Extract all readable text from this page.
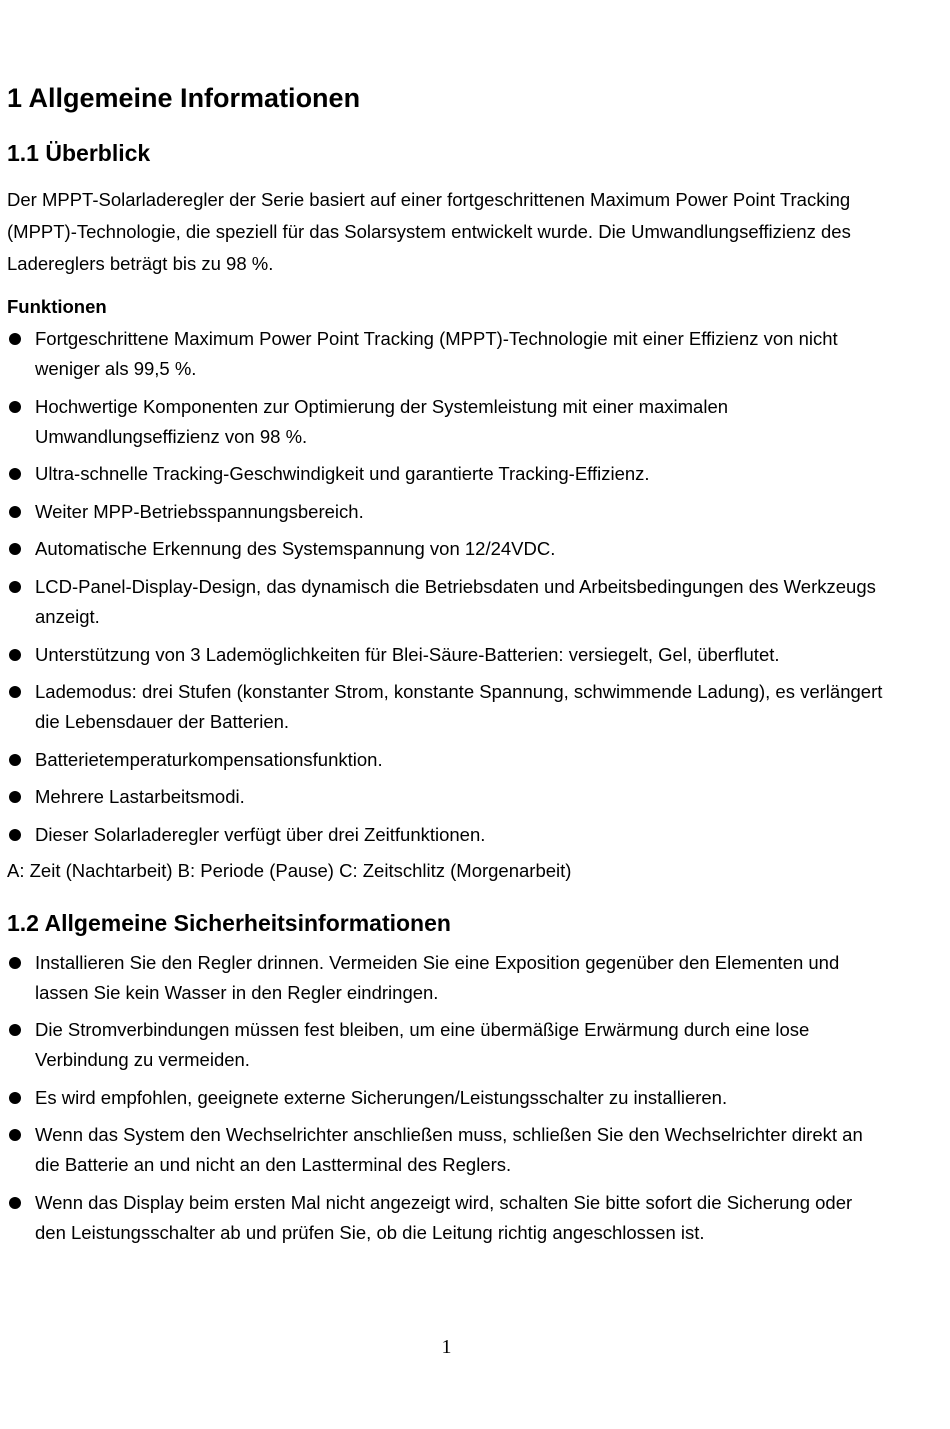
1 Allgemeine Informationen
1.1 Überblick

Der MPPT-Solarladeregler der Serie basiert auf einer fortgeschrittenen Maximum Power Point Tracking (MPPT)-Technologie, die speziell für das Solarsystem entwickelt wurde. Die Umwandlungseffizienz des Ladereglers beträgt bis zu 98 %.

Funktionen
Fortgeschrittene Maximum Power Point Tracking (MPPT)-Technologie mit einer Effizienz von nicht weniger als 99,5 %.
Hochwertige Komponenten zur Optimierung der Systemleistung mit einer maximalen Umwandlungseffizienz von 98 %.
Ultra-schnelle Tracking-Geschwindigkeit und garantierte Tracking-Effizienz.
Weiter MPP-Betriebsspannungsbereich.
Automatische Erkennung des Systemspannung von 12/24VDC.
LCD-Panel-Display-Design, das dynamisch die Betriebsdaten und Arbeitsbedingungen des Werkzeugs anzeigt.
Unterstützung von 3 Lademöglichkeiten für Blei-Säure-Batterien: versiegelt, Gel, überflutet.
Lademodus: drei Stufen (konstanter Strom, konstante Spannung, schwimmende Ladung), es verlängert die Lebensdauer der Batterien.
Batterietemperaturkompensationsfunktion.
Mehrere Lastarbeitsmodi.
Dieser Solarladeregler verfügt über drei Zeitfunktionen.
A: Zeit (Nachtarbeit) B: Periode (Pause) C: Zeitschlitz (Morgenarbeit)
1.2 Allgemeine Sicherheitsinformationen
Installieren Sie den Regler drinnen. Vermeiden Sie eine Exposition gegenüber den Elementen und lassen Sie kein Wasser in den Regler eindringen.
Die Stromverbindungen müssen fest bleiben, um eine übermäßige Erwärmung durch eine lose Verbindung zu vermeiden.
Es wird empfohlen, geeignete externe Sicherungen/Leistungsschalter zu installieren.
Wenn das System den Wechselrichter anschließen muss, schließen Sie den Wechselrichter direkt an die Batterie an und nicht an den Lastterminal des Reglers.
Wenn das Display beim ersten Mal nicht angezeigt wird, schalten Sie bitte sofort die Sicherung oder den Leistungsschalter ab und prüfen Sie, ob die Leitung richtig angeschlossen ist.
1
